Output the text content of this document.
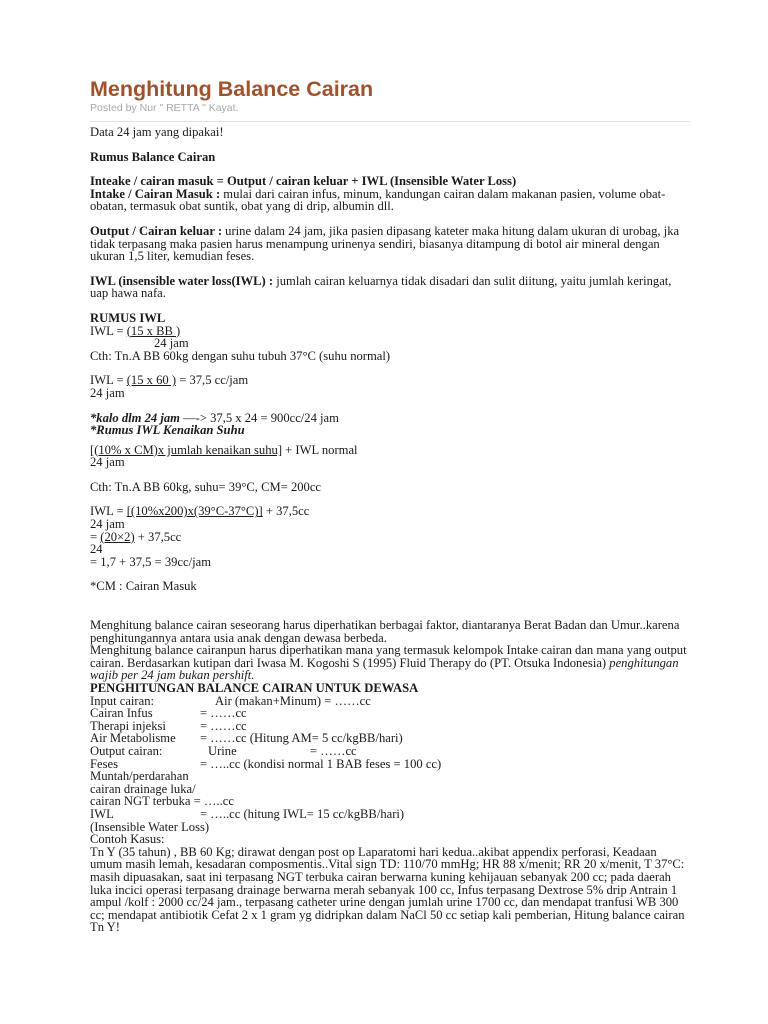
Menghitung Balance Cairan

Posted by Nur " RETTA " Kayat.

Data 24 jam yang dipakai!

Rumus Balance Cairan

Inteake / cairan masuk = Output / cairan keluar + IWL (Insensible Water Loss)

Intake / Cairan Masuk : mulai dari cairan infus, minum, kandungan cairan dalam makanan pasien, volume obat-obatan, termasuk obat suntik, obat yang di drip, albumin dll.

Output / Cairan keluar : urine dalam 24 jam, jika pasien dipasang kateter maka hitung dalam ukuran di urobag, jka tidak terpasang maka pasien harus menampung urinenya sendiri, biasanya ditampung di botol air mineral dengan ukuran 1,5 liter, kemudian feses.

IWL (insensible water loss(IWL) : jumlah cairan keluarnya tidak disadari dan sulit diitung, yaitu jumlah keringat, uap hawa nafa.

RUMUS IWL

IWL = (15 x BB )

24 jam

Cth: Tn.A BB 60kg dengan suhu tubuh 37°C (suhu normal)

IWL = (15 x 60 ) = 37,5 cc/jam

24 jam

*kalo dlm 24 jam —-> 37,5 x 24 = 900cc/24 jam

*Rumus IWL Kenaikan Suhu

[(10% x CM)x jumlah kenaikan suhu] + IWL normal

24 jam

Cth: Tn.A BB 60kg, suhu= 39°C, CM= 200cc

IWL = [(10%x200)x(39°C-37°C)] + 37,5cc

24 jam

= (20×2) + 37,5cc

24

= 1,7 + 37,5 = 39cc/jam

*CM : Cairan Masuk

Menghitung balance cairan seseorang harus diperhatikan berbagai faktor, diantaranya Berat Badan dan Umur..karena penghitungannya antara usia anak dengan dewasa berbeda.

Menghitung balance cairanpun harus diperhatikan mana yang termasuk kelompok Intake cairan dan mana yang output cairan. Berdasarkan kutipan dari Iwasa M. Kogoshi S (1995) Fluid Therapy do (PT. Otsuka Indonesia) penghitungan wajib per 24 jam bukan pershift.

PENGHITUNGAN BALANCE CAIRAN UNTUK DEWASA

Input cairan:	Air (makan+Minum) = ……cc

Cairan Infus	= ……cc

Therapi injeksi	= ……cc

Air Metabolisme = ……cc (Hitung AM= 5 cc/kgBB/hari)

Output cairan:	Urine	= ……cc

Feses	= …..cc (kondisi normal 1 BAB feses = 100 cc)

Muntah/perdarahan

cairan drainage luka/

cairan NGT terbuka = …..cc

IWL	= …..cc (hitung IWL= 15 cc/kgBB/hari)

(Insensible Water Loss)

Contoh Kasus:

Tn Y (35 tahun) , BB 60 Kg; dirawat dengan post op Laparatomi hari kedua..akibat appendix perforasi, Keadaan umum masih lemah, kesadaran composmentis..Vital sign TD: 110/70 mmHg; HR 88 x/menit; RR 20 x/menit, T 37°C: masih dipuasakan, saat ini terpasang NGT terbuka cairan berwarna kuning kehijauan sebanyak 200 cc; pada daerah luka incici operasi terpasang drainage berwarna merah sebanyak 100 cc, Infus terpasang Dextrose 5% drip Antrain 1 ampul /kolf : 2000 cc/24 jam., terpasang catheter urine dengan jumlah urine 1700 cc, dan mendapat tranfusi WB 300 cc; mendapat antibiotik Cefat 2 x 1 gram yg didripkan dalam NaCl 50 cc setiap kali pemberian, Hitung balance cairan Tn Y!
